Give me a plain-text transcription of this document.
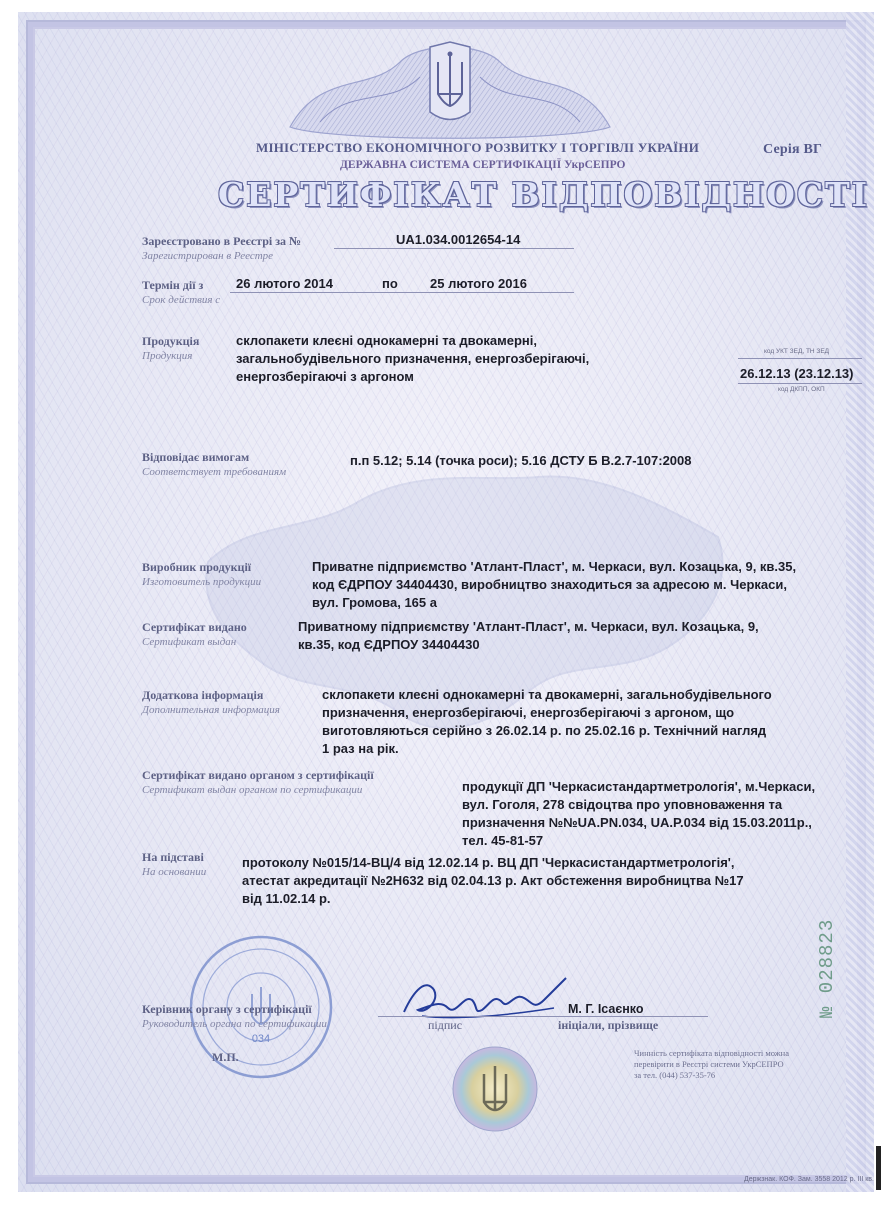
МІНІСТЕРСТВО ЕКОНОМІЧНОГО РОЗВИТКУ І ТОРГІВЛІ УКРАЇНИ	Серія ВГ
ДЕРЖАВНА СИСТЕМА СЕРТИФІКАЦІЇ УкрСЕПРО
СЕРТИФІКАТ ВІДПОВІДНОСТІ
Зареєстровано в Реєстрі за №
Зарегистрирован в Реестре
UA1.034.0012654-14
Термін дії з
Срок действия с
26 лютого 2014	по 25 лютого 2016
Продукція
Продукция
склопакети клеєні однокамерні та двокамерні,
загальнобудівельного призначення, енергозберігаючі,
енергозберігаючі з аргоном
код УКТ ЗЕД, ТН ЗЕД
26.12.13 (23.12.13)
код ДКПП, ОКП
Відповідає вимогам
Соответствует требованиям
п.п 5.12; 5.14 (точка роси); 5.16 ДСТУ Б В.2.7-107:2008
Виробник продукції
Изготовитель продукции
Приватне підприємство 'Атлант-Пласт', м. Черкаси, вул. Козацька, 9, кв.35,
код ЄДРПОУ 34404430, виробництво знаходиться за адресою м. Черкаси,
вул. Громова, 165 а
Сертифікат видано
Сертификат выдан
Приватному підприємству 'Атлант-Пласт', м. Черкаси, вул. Козацька, 9,
кв.35, код ЄДРПОУ 34404430
Додаткова інформація
Дополнительная информация
склопакети клеєні однокамерні та двокамерні, загальнобудівельного
призначення, енергозберігаючі, енергозберігаючі з аргоном, що
виготовляються серійно з 26.02.14 р. по 25.02.16 р. Технічний нагляд
1 раз на рік.
Сертифікат видано органом з сертифікації
Сертификат выдан органом по сертификации	продукції ДП 'Черкасистандартметрологія', м.Черкаси,
вул. Гоголя, 278 свідоцтва про уповноваження та
призначення №№UA.PN.034, UA.P.034 від 15.03.2011р.,
тел. 45-81-57
На підставі
На основании
протоколу №015/14-ВЦ/4 від 12.02.14 р. ВЦ ДП 'Черкасистандартметрологія',
атестат акредитації №2Н632 від 02.04.13 р. Акт обстеження виробництва №17
від 11.02.14 р.
034
Керівник органу з сертифікації
Руководитель органа по сертификации
М. Г. Ісаєнко
підпис	ініціали, прізвище
М.П.
№ 028823
Чинність сертифіката відповідності можна
перевірити в Реєстрі системи УкрСЕПРО
за тел. (044) 537-35-76
Держзнак. КОФ. Зам. 3558 2012 р. ІІІ кв.
